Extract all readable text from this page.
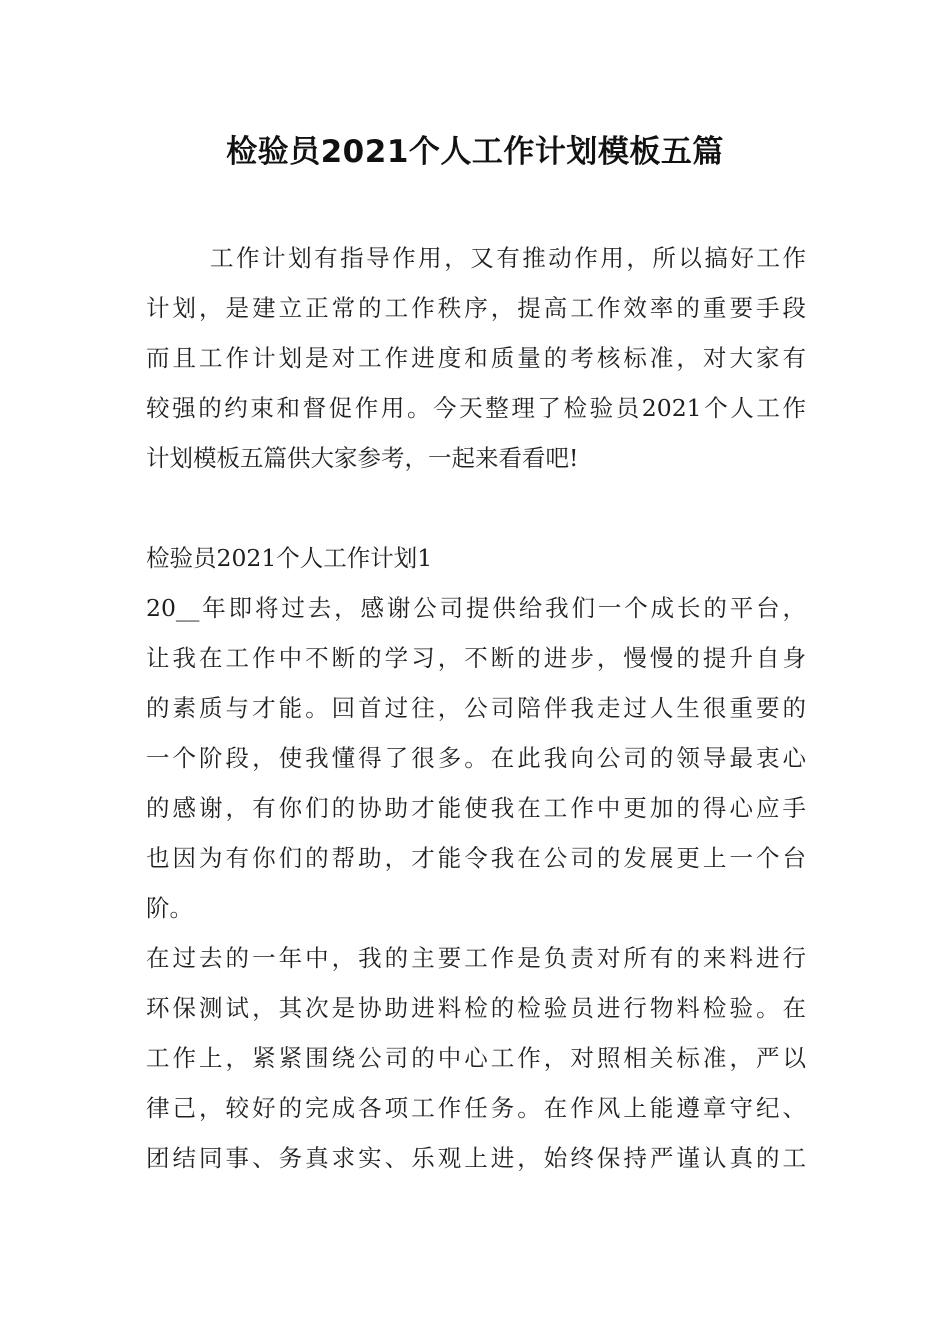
检验员2021个人工作计划模板五篇
工作计划有指导作用，又有推动作用，所以搞好工作
计划，是建立正常的工作秩序，提高工作效率的重要手段
而且工作计划是对工作进度和质量的考核标准，对大家有
较强的约束和督促作用。今天整理了检验员2021个人工作
计划模板五篇供大家参考，一起来看看吧!
检验员2021个人工作计划1
20__年即将过去，感谢公司提供给我们一个成长的平台，
让我在工作中不断的学习，不断的进步，慢慢的提升自身
的素质与才能。回首过往，公司陪伴我走过人生很重要的
一个阶段，使我懂得了很多。在此我向公司的领导最衷心
的感谢，有你们的协助才能使我在工作中更加的得心应手
也因为有你们的帮助，才能令我在公司的发展更上一个台
阶。
在过去的一年中，我的主要工作是负责对所有的来料进行
环保测试，其次是协助进料检的检验员进行物料检验。在
工作上，紧紧围绕公司的中心工作，对照相关标准，严以
律己，较好的完成各项工作任务。在作风上能遵章守纪、
团结同事、务真求实、乐观上进，始终保持严谨认真的工
